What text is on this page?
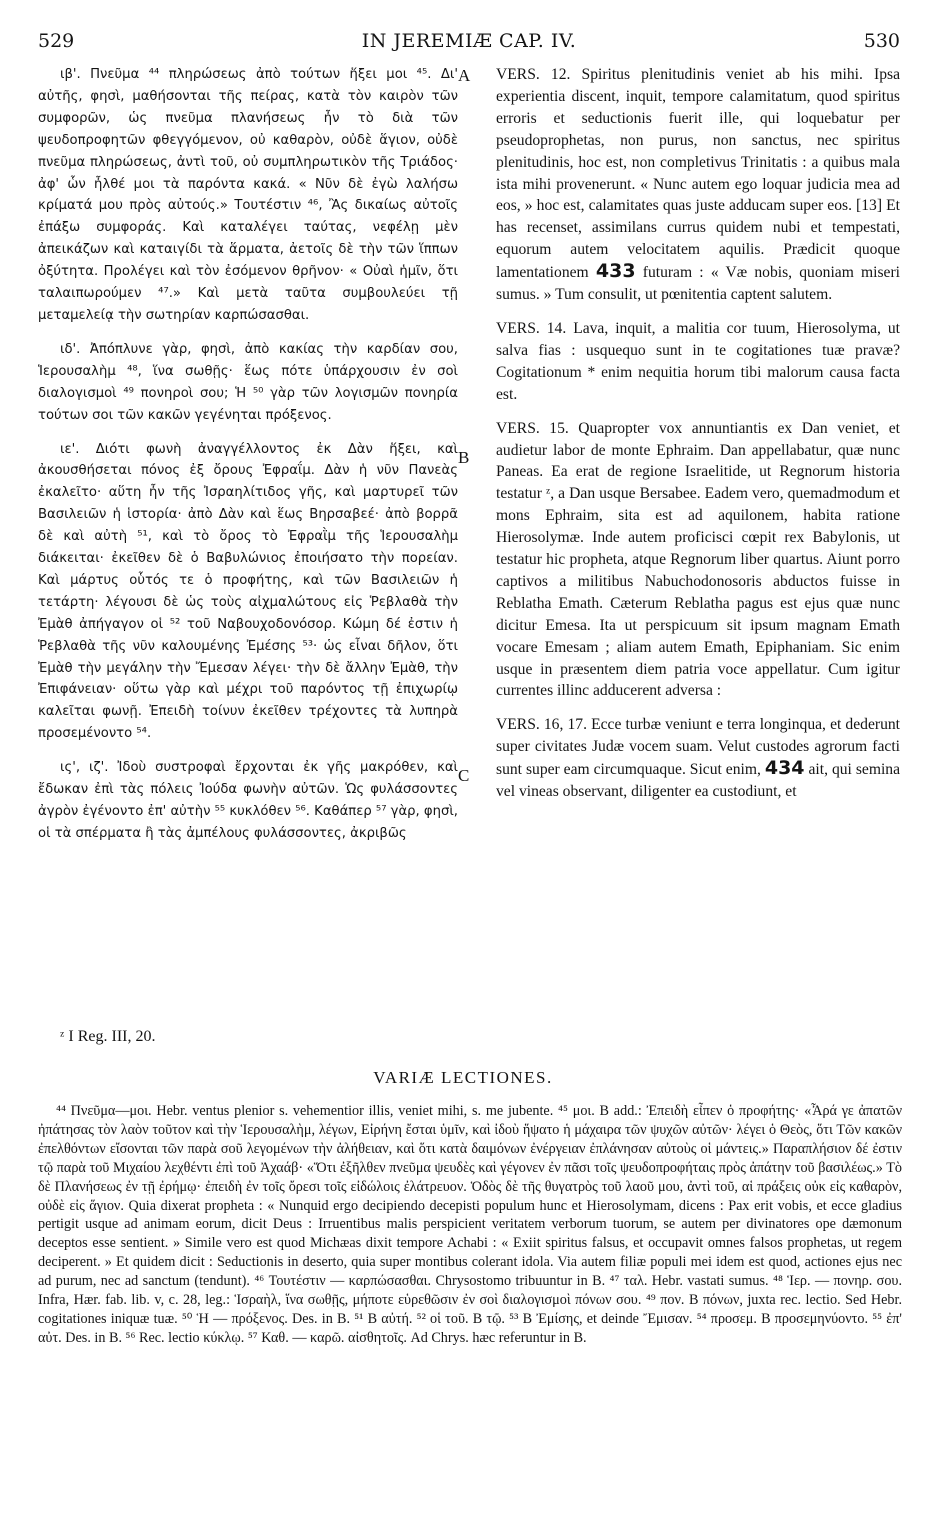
529	IN JEREMIÆ CAP. IV.	530

ιβ'. Πνεῦμα ⁴⁴ πληρώσεως ἀπὸ τούτων ἥξει μοι ⁴⁵. Δι' αὐτῆς, φησὶ, μαθήσονται τῆς πείρας, κατὰ τὸν καιρὸν τῶν συμφορῶν, ὡς πνεῦμα πλανήσεως ἦν τὸ διὰ τῶν ψευδοπροφητῶν φθεγγόμενον, οὐ καθαρὸν, οὐδὲ ἅγιον, οὐδὲ πνεῦμα πληρώσεως, ἀντὶ τοῦ, οὐ συμπληρωτικὸν τῆς Τριάδος· ἀφ' ὧν ἦλθέ μοι τὰ παρόντα κακά. « Νῦν δὲ ἐγὼ λαλήσω κρίματά μου πρὸς αὐτούς.» Τουτέστιν ⁴⁶, Ἂς δικαίως αὐτοῖς ἐπάξω συμφοράς. Καὶ καταλέγει ταύτας, νεφέλῃ μὲν ἀπεικάζων καὶ καταιγίδι τὰ ἅρματα, ἀετοῖς δὲ τὴν τῶν ἵππων ὀξύτητα. Προλέγει καὶ τὸν ἐσόμενον θρῆνον· « Οὐαὶ ἡμῖν, ὅτι ταλαιπωρούμεν ⁴⁷.» Καὶ μετὰ ταῦτα συμβουλεύει τῇ μεταμελείᾳ τὴν σωτηρίαν καρπώσασθαι.

ιδ'. Ἀπόπλυνε γὰρ, φησὶ, ἀπὸ κακίας τὴν καρδίαν σου, Ἱερουσαλὴμ ⁴⁸, ἵνα σωθῇς· ἕως πότε ὑπάρχουσιν ἐν σοὶ διαλογισμοὶ ⁴⁹ πονηροὶ σου; Ἡ ⁵⁰ γὰρ τῶν λογισμῶν πονηρία τούτων σοι τῶν κακῶν γεγένηται πρόξενος.

ιε'. Διότι φωνὴ ἀναγγέλλοντος ἐκ Δὰν ἥξει, καὶ ἀκουσθήσεται πόνος ἐξ ὄρους Ἐφραΐμ. Δὰν ἡ νῦν Πανεὰς ἐκαλεῖτο· αὕτη ἦν τῆς Ἰσραηλίτιδος γῆς, καὶ μαρτυρεῖ τῶν Βασιλειῶν ἡ ἱστορία· ἀπὸ Δὰν καὶ ἕως Βηρσαβεέ· ἀπὸ βορρᾶ δὲ καὶ αὐτὴ ⁵¹, καὶ τὸ ὄρος τὸ Ἐφραῒμ τῆς Ἱερουσαλὴμ διάκειται· ἐκεῖθεν δὲ ὁ Βαβυλώνιος ἐποιήσατο τὴν πορείαν. Καὶ μάρτυς οὗτός τε ὁ προφήτης, καὶ τῶν Βασιλειῶν ἡ τετάρτη· λέγουσι δὲ ὡς τοὺς αἰχμαλώτους εἰς Ῥεβλαθὰ τὴν Ἐμὰθ ἀπήγαγον οἱ ⁵² τοῦ Ναβουχοδονόσορ. Κώμη δέ ἐστιν ἡ Ῥεβλαθὰ τῆς νῦν καλουμένης Ἐμέσης ⁵³· ὡς εἶναι δῆλον, ὅτι Ἐμὰθ τὴν μεγάλην τὴν Ἔμεσαν λέγει· τὴν δὲ ἄλλην Ἐμὰθ, τὴν Ἐπιφάνειαν· οὕτω γὰρ καὶ μέχρι τοῦ παρόντος τῇ ἐπιχωρίῳ καλεῖται φωνῇ. Ἐπειδὴ τοίνυν ἐκεῖθεν τρέχοντες τὰ λυπηρὰ προσεμένοντο ⁵⁴.

ις', ιζ'. Ἰδοὺ συστροφαὶ ἔρχονται ἐκ γῆς μακρόθεν, καὶ ἔδωκαν ἐπὶ τὰς πόλεις Ἰούδα φωνὴν αὐτῶν. Ὡς φυλάσσοντες ἀγρὸν ἐγένοντο ἐπ' αὐτὴν ⁵⁵ κυκλόθεν ⁵⁶. Καθάπερ ⁵⁷ γὰρ, φησὶ, οἱ τὰ σπέρματα ἢ τὰς ἀμπέλους φυλάσσοντες, ἀκριβῶς

A
B
C

VERS. 12. Spiritus plenitudinis veniet ab his mihi. Ipsa experientia discent, inquit, tempore calamitatum, quod spiritus erroris et seductionis fuerit ille, qui loquebatur per pseudoprophetas, non purus, non sanctus, nec spiritus plenitudinis, hoc est, non completivus Trinitatis : a quibus mala ista mihi provenerunt. « Nunc autem ego loquar judicia mea ad eos, » hoc est, calamitates quas juste adducam super eos. [13] Et has recenset, assimilans currus quidem nubi et tempestati, equorum autem velocitatem aquilis. Prædicit quoque lamentationem 433 futuram : « Væ nobis, quoniam miseri sumus. » Tum consulit, ut pœnitentia captent salutem.

VERS. 14. Lava, inquit, a malitia cor tuum, Hierosolyma, ut salva fias : usquequo sunt in te cogitationes tuæ pravæ? Cogitationum * enim nequitia horum tibi malorum causa facta est.

VERS. 15. Quapropter vox annuntiantis ex Dan veniet, et audietur labor de monte Ephraim. Dan appellabatur, quæ nunc Paneas. Ea erat de regione Israelitide, ut Regnorum historia testatur ᶻ, a Dan usque Bersabee. Eadem vero, quemadmodum et mons Ephraim, sita est ad aquilonem, habita ratione Hierosolymæ. Inde autem proficisci cœpit rex Babylonis, ut testatur hic propheta, atque Regnorum liber quartus. Aiunt porro captivos a militibus Nabuchodonosoris abductos fuisse in Reblatha Emath. Cæterum Reblatha pagus est ejus quæ nunc dicitur Emesa. Ita ut perspicuum sit ipsum magnam Emath vocare Emesam ; aliam autem Emath, Epiphaniam. Sic enim usque in præsentem diem patria voce appellatur. Cum igitur currentes illinc adducerent adversa :

VERS. 16, 17. Ecce turbæ veniunt e terra longinqua, et dederunt super civitates Judæ vocem suam. Velut custodes agrorum facti sunt super eam circumquaque. Sicut enim, 434 ait, qui semina vel vineas observant, diligenter ea custodiunt, et

ᶻ I Reg. III, 20.
VARIÆ LECTIONES.

⁴⁴ Πνεῦμα—μοι. Hebr. ventus plenior s. vehementior illis, veniet mihi, s. me jubente. ⁴⁵ μοι. B add.: Ἐπειδὴ εἶπεν ὁ προφήτης· «Ἆρά γε ἀπατῶν ἠπάτησας τὸν λαὸν τοῦτον καὶ τὴν Ἱερουσαλὴμ, λέγων, Εἰρήνη ἔσται ὑμῖν, καὶ ἰδοὺ ἥψατο ἡ μάχαιρα τῶν ψυχῶν αὐτῶν· λέγει ὁ Θεὸς, ὅτι Τῶν κακῶν ἐπελθόντων εἴσονται τῶν παρὰ σοῦ λεγομένων τὴν ἀλήθειαν, καὶ ὅτι κατὰ δαιμόνων ἐνέργειαν ἐπλάνησαν αὐτοὺς οἱ μάντεις.» Παραπλήσιον δέ ἐστιν τῷ παρὰ τοῦ Μιχαίου λεχθέντι ἐπὶ τοῦ Ἀχαάβ· «Ὅτι ἐξῆλθεν πνεῦμα ψευδὲς καὶ γέγονεν ἐν πᾶσι τοῖς ψευδοπροφήταις πρὸς ἀπάτην τοῦ βασιλέως.» Τὸ δὲ Πλανήσεως ἐν τῇ ἐρήμῳ· ἐπειδὴ ἐν τοῖς ὄρεσι τοῖς εἰδώλοις ἐλάτρευον. Ὁδὸς δὲ τῆς θυγατρὸς τοῦ λαοῦ μου, ἀντὶ τοῦ, αἱ πράξεις οὐκ εἰς καθαρὸν, οὐδὲ εἰς ἅγιον. Quia dixerat propheta : « Nunquid ergo decipiendo decepisti populum hunc et Hierosolymam, dicens : Pax erit vobis, et ecce gladius pertigit usque ad animam eorum, dicit Deus : Irruentibus malis perspicient veritatem verborum tuorum, se autem per divinatores ope dæmonum deceptos esse sentient. » Simile vero est quod Michæas dixit tempore Achabi : « Exiit spiritus falsus, et occupavit omnes falsos prophetas, ut regem deciperent. » Et quidem dicit : Seductionis in deserto, quia super montibus colerant idola. Via autem filiæ populi mei idem est quod, actiones ejus nec ad purum, nec ad sanctum (tendunt). ⁴⁶ Τουτέστιν — καρπώσασθαι. Chrysostomo tribuuntur in B. ⁴⁷ ταλ. Hebr. vastati sumus. ⁴⁸ Ἱερ. — πονηρ. σου. Infra, Hær. fab. lib. v, c. 28, leg.: Ἱσραὴλ, ἵνα σωθῇς, μήποτε εὑρεθῶσιν ἐν σοὶ διαλογισμοὶ πόνων σου. ⁴⁹ πον. B πόνων, juxta rec. lectio. Sed Hebr. cogitationes iniquæ tuæ. ⁵⁰ Ἡ — πρόξενος. Des. in B. ⁵¹ B αὐτή. ⁵² οἱ τοῦ. B τῷ. ⁵³ B Ἐμίσης, et deinde Ἔμισαν. ⁵⁴ προσεμ. B προσεμηνύοντο. ⁵⁵ ἐπ' αὐτ. Des. in B. ⁵⁶ Rec. lectio κύκλῳ. ⁵⁷ Καθ. — καρῶ. αἰσθητοῖς. Ad Chrys. hæc referuntur in B.
